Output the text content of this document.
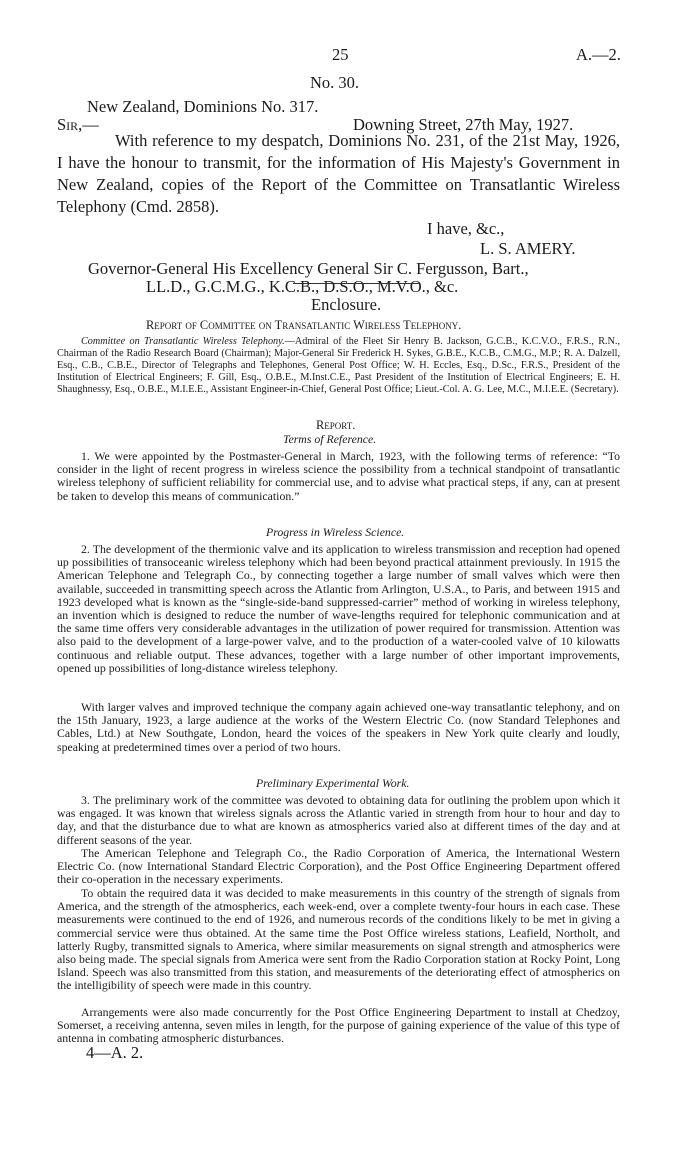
25	A.—2.
No. 30.
New Zealand, Dominions No. 317.
Sir,—	Downing Street, 27th May, 1927.

With reference to my despatch, Dominions No. 231, of the 21st May, 1926, I have the honour to transmit, for the information of His Majesty's Government in New Zealand, copies of the Report of the Committee on Transatlantic Wireless Telephony (Cmd. 2858).

I have, &c.,
L. S. AMERY.
Governor-General His Excellency General Sir C. Fergusson, Bart.,
LL.D., G.C.M.G., K.C.B., D.S.O., M.V.O., &c.
Enclosure.
Report of Committee on Transatlantic Wireless Telephony.

Committee on Transatlantic Wireless Telephony.—Admiral of the Fleet Sir Henry B. Jackson, G.C.B., K.C.V.O., F.R.S., R.N., Chairman of the Radio Research Board (Chairman); Major-General Sir Frederick H. Sykes, G.B.E., K.C.B., C.M.G., M.P.; R. A. Dalzell, Esq., C.B., C.B.E., Director of Telegraphs and Telephones, General Post Office; W. H. Eccles, Esq., D.Sc., F.R.S., President of the Institution of Electrical Engineers; F. Gill, Esq., O.B.E., M.Inst.C.E., Past President of the Institution of Electrical Engineers; E. H. Shaughnessy, Esq., O.B.E., M.I.E.E., Assistant Engineer-in-Chief, General Post Office; Lieut.-Col. A. G. Lee, M.C., M.I.E.E. (Secretary).

Report.
Terms of Reference.

1. We were appointed by the Postmaster-General in March, 1923, with the following terms of reference: “To consider in the light of recent progress in wireless science the possibility from a technical standpoint of transatlantic wireless telephony of sufficient reliability for commercial use, and to advise what practical steps, if any, can at present be taken to develop this means of communication.”

Progress in Wireless Science.

2. The development of the thermionic valve and its application to wireless transmission and reception had opened up possibilities of transoceanic wireless telephony which had been beyond practical attainment previously. In 1915 the American Telephone and Telegraph Co., by connecting together a large number of small valves which were then available, succeeded in transmitting speech across the Atlantic from Arlington, U.S.A., to Paris, and between 1915 and 1923 developed what is known as the “single-side-band suppressed-carrier” method of working in wireless telephony, an invention which is designed to reduce the number of wave-lengths required for telephonic communication and at the same time offers very considerable advantages in the utilization of power required for transmission. Attention was also paid to the development of a large-power valve, and to the production of a water-cooled valve of 10 kilowatts continuous and reliable output. These advances, together with a large number of other important improvements, opened up possibilities of long-distance wireless telephony.

With larger valves and improved technique the company again achieved one-way transatlantic telephony, and on the 15th January, 1923, a large audience at the works of the Western Electric Co. (now Standard Telephones and Cables, Ltd.) at New Southgate, London, heard the voices of the speakers in New York quite clearly and loudly, speaking at predetermined times over a period of two hours.

Preliminary Experimental Work.

3. The preliminary work of the committee was devoted to obtaining data for outlining the problem upon which it was engaged. It was known that wireless signals across the Atlantic varied in strength from hour to hour and day to day, and that the disturbance due to what are known as atmospherics varied also at different times of the day and at different seasons of the year.

The American Telephone and Telegraph Co., the Radio Corporation of America, the International Western Electric Co. (now International Standard Electric Corporation), and the Post Office Engineering Department offered their co-operation in the necessary experiments.

To obtain the required data it was decided to make measurements in this country of the strength of signals from America, and the strength of the atmospherics, each week-end, over a complete twenty-four hours in each case. These measurements were continued to the end of 1926, and numerous records of the conditions likely to be met in giving a commercial service were thus obtained. At the same time the Post Office wireless stations, Leafield, Northolt, and latterly Rugby, transmitted signals to America, where similar measurements on signal strength and atmospherics were also being made. The special signals from America were sent from the Radio Corporation station at Rocky Point, Long Island. Speech was also transmitted from this station, and measurements of the deteriorating effect of atmospherics on the intelligibility of speech were made in this country.

Arrangements were also made concurrently for the Post Office Engineering Department to install at Chedzoy, Somerset, a receiving antenna, seven miles in length, for the purpose of gaining experience of the value of this type of antenna in combating atmospheric disturbances.

4—A. 2.
